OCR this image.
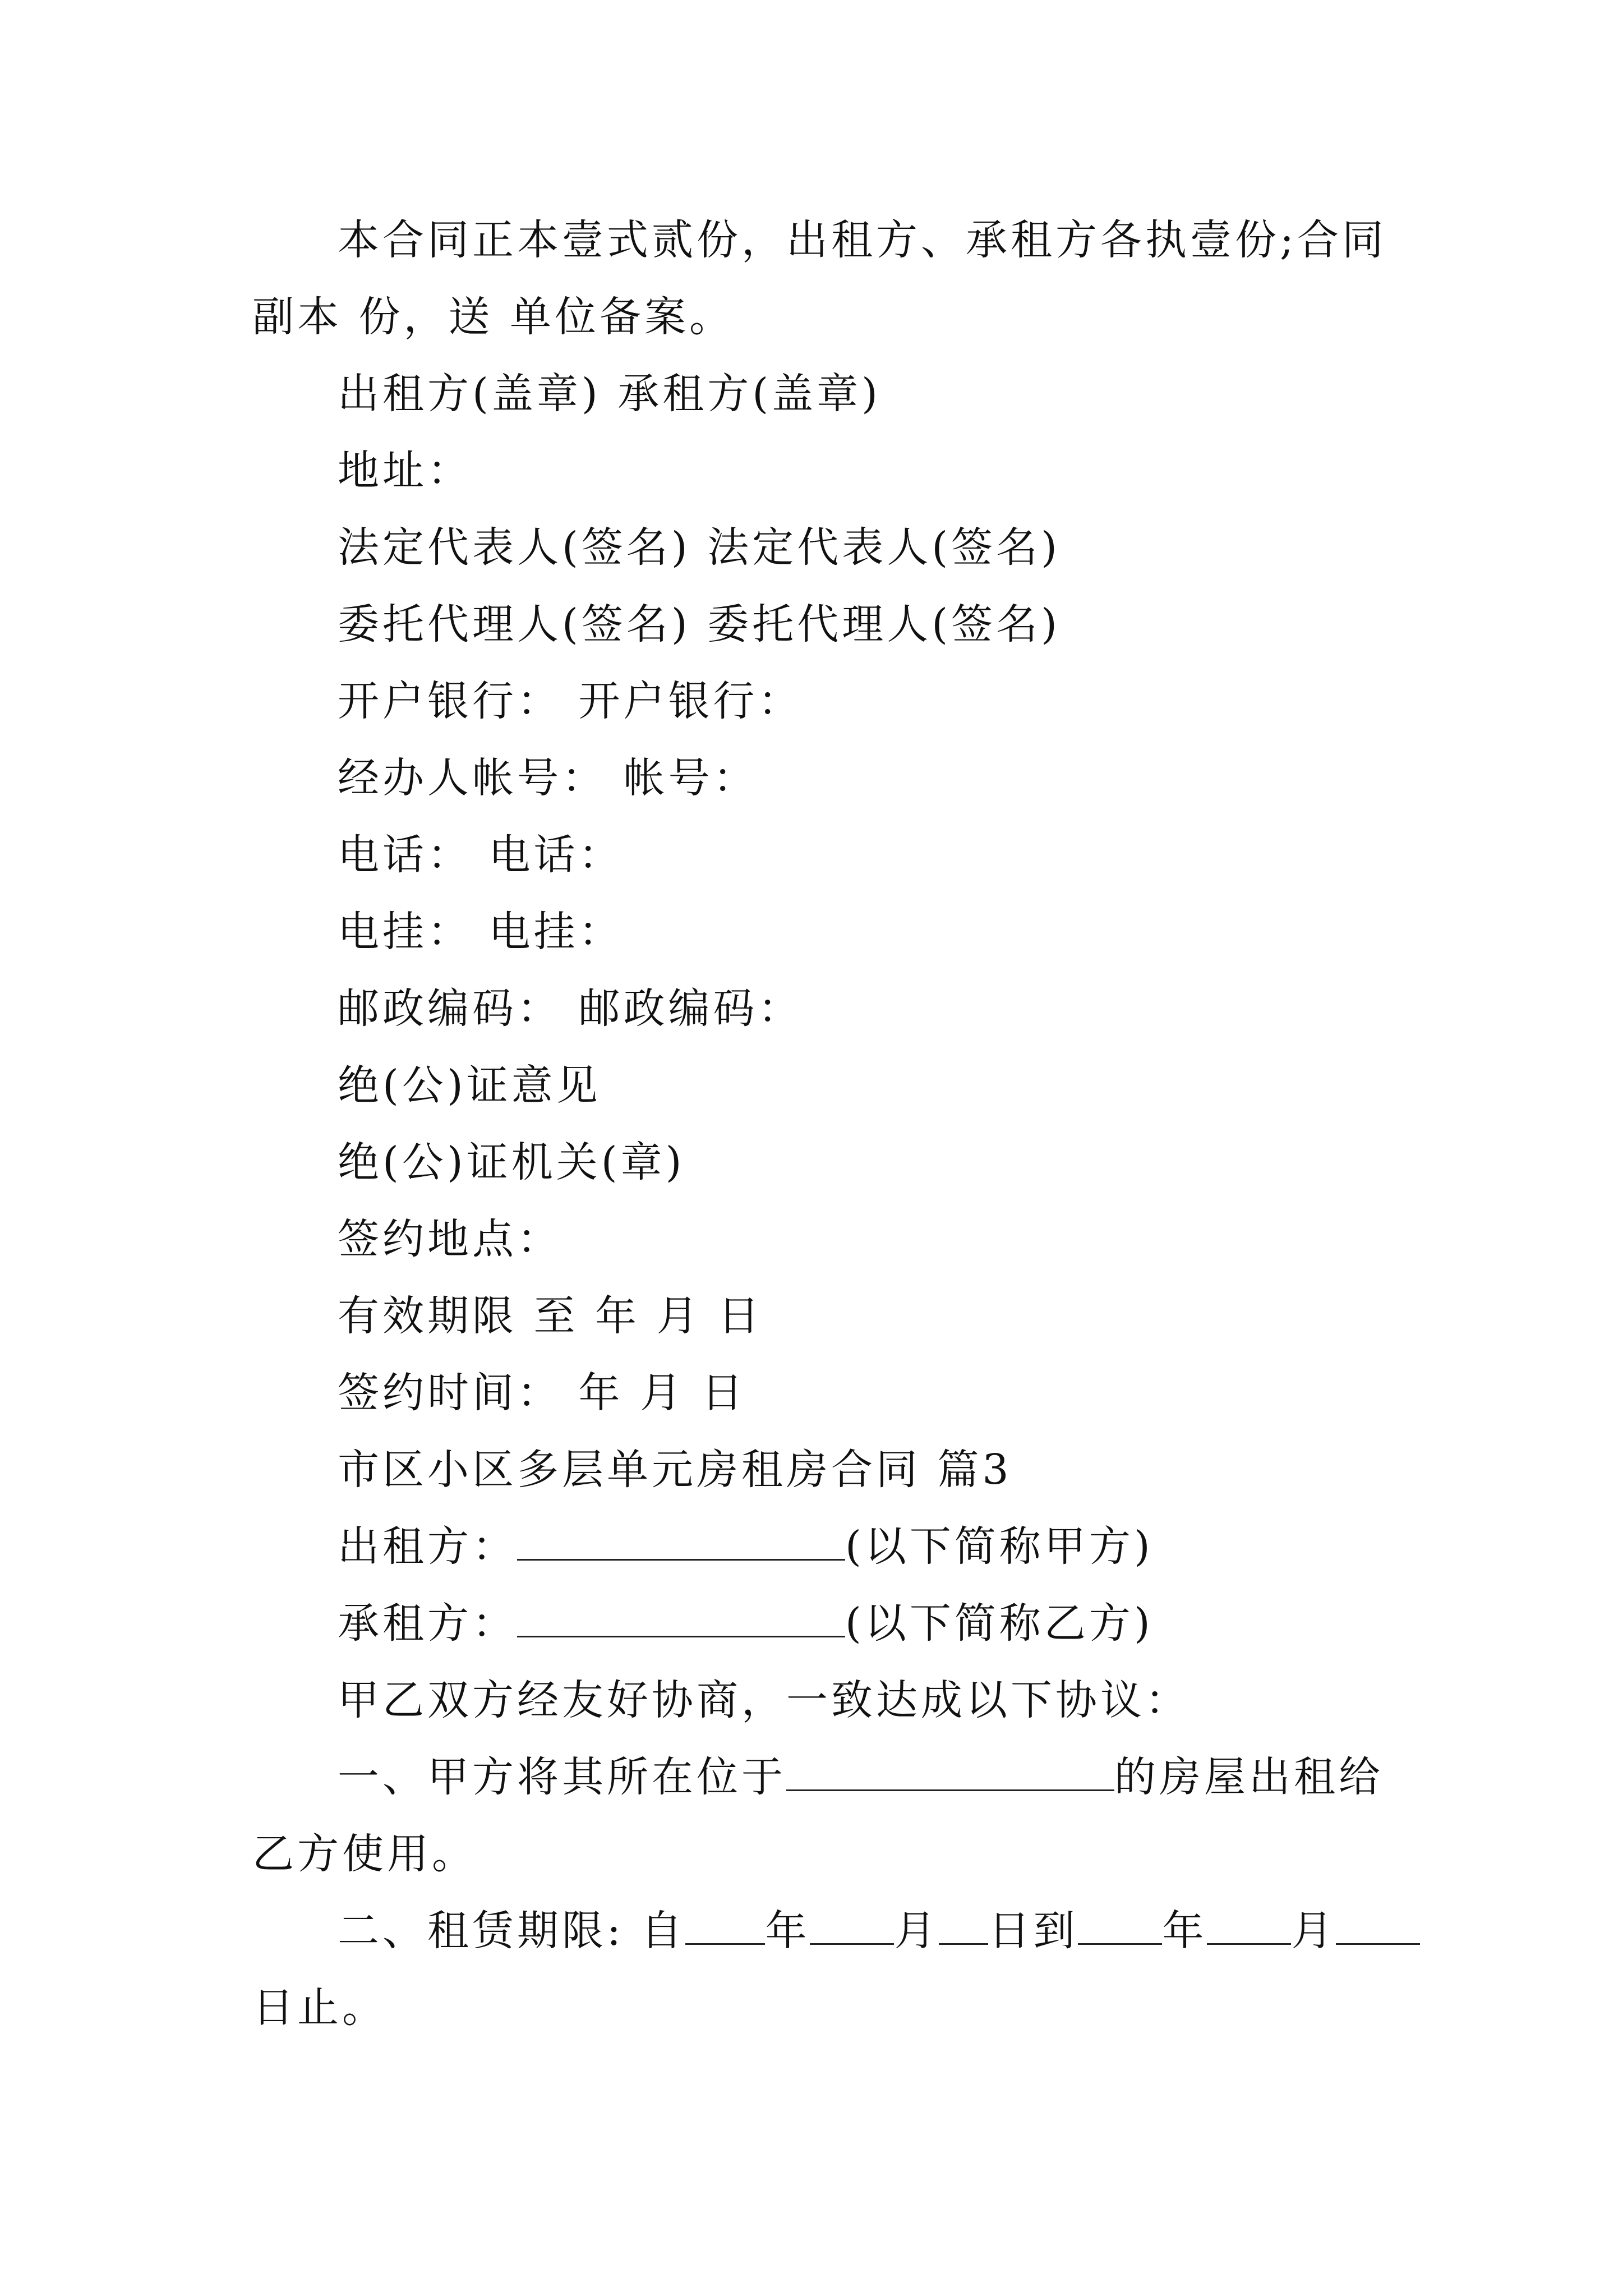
本合同正本壹式贰份，出租方、承租方各执壹份;合同
副本 份，送 单位备案。
出租方(盖章) 承租方(盖章)
地址：
法定代表人(签名) 法定代表人(签名)
委托代理人(签名) 委托代理人(签名)
开户银行： 开户银行：
经办人帐号： 帐号：
电话： 电话：
电挂： 电挂：
邮政编码： 邮政编码：
绝(公)证意见
绝(公)证机关(章)
签约地点：
有效期限 至 年 月 日
签约时间： 年 月 日
市区小区多层单元房租房合同 篇3
出租方：	(以下简称甲方)
承租方：	(以下简称乙方)
甲乙双方经友好协商，一致达成以下协议：
一、甲方将其所在位于	的房屋出租给
乙方使用。
二、租赁期限: 自 年 月 日到 年 月
日止。
